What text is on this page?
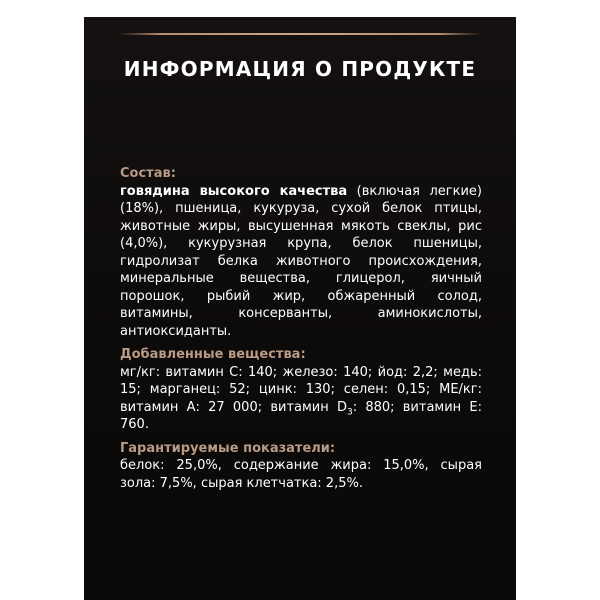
ИНФОРМАЦИЯ О ПРОДУКТЕ
Состав:

говядина высокого качества (включая легкие) (18%), пшеница, кукуруза, сухой белок птицы, животные жиры, высушенная мякоть свеклы, рис (4,0%), кукурузная крупа, белок пшеницы, гидролизат белка животного происхождения, минеральные вещества, глицерол, яичный порошок, рыбий жир, обжаренный солод, витамины, консерванты, аминокислоты, антиоксиданты.

Добавленные вещества:

мг/кг: витамин C: 140; железо: 140; йод: 2,2; медь: 15; марганец: 52; цинк: 130; селен: 0,15; МЕ/кг: витамин А: 27 000; витамин $D_3$: 880; витамин Е: 760.

Гарантируемые показатели:

белок: 25,0%, содержание жира: 15,0%, сырая зола: 7,5%, сырая клетчатка: 2,5%.
